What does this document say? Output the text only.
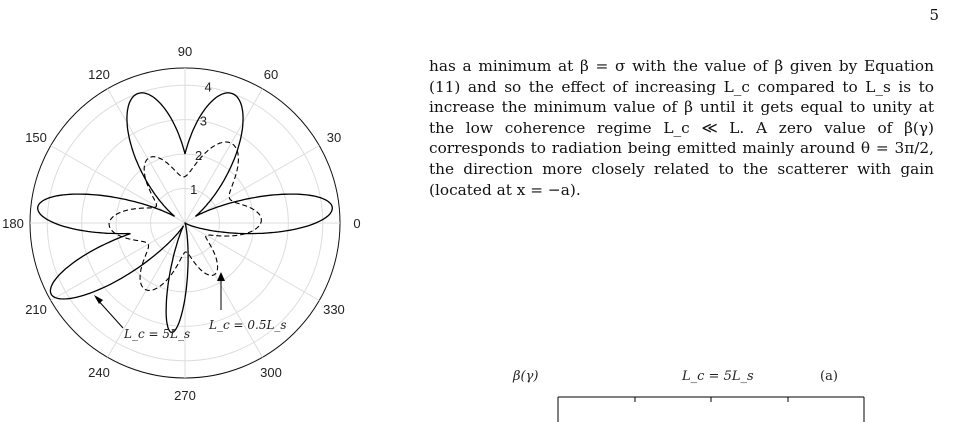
5
0
30
60
90
120
150
180
210
240
270
300
330
1
2
3
4
L_c = 5L_s
L_c = 0.5L_s

has a minimum at β = σ with the value of β given by Equation (11) and so the effect of increasing L_c compared to L_s is to increase the minimum value of β until it gets equal to unity at the low coherence regime L_c ≪ L. A zero value of β(γ) corresponds to radiation being emitted mainly around θ = 3π/2, the direction more closely related to the scatterer with gain (located at x = −a).

β(γ)	L_c = 5L_s	(a)
